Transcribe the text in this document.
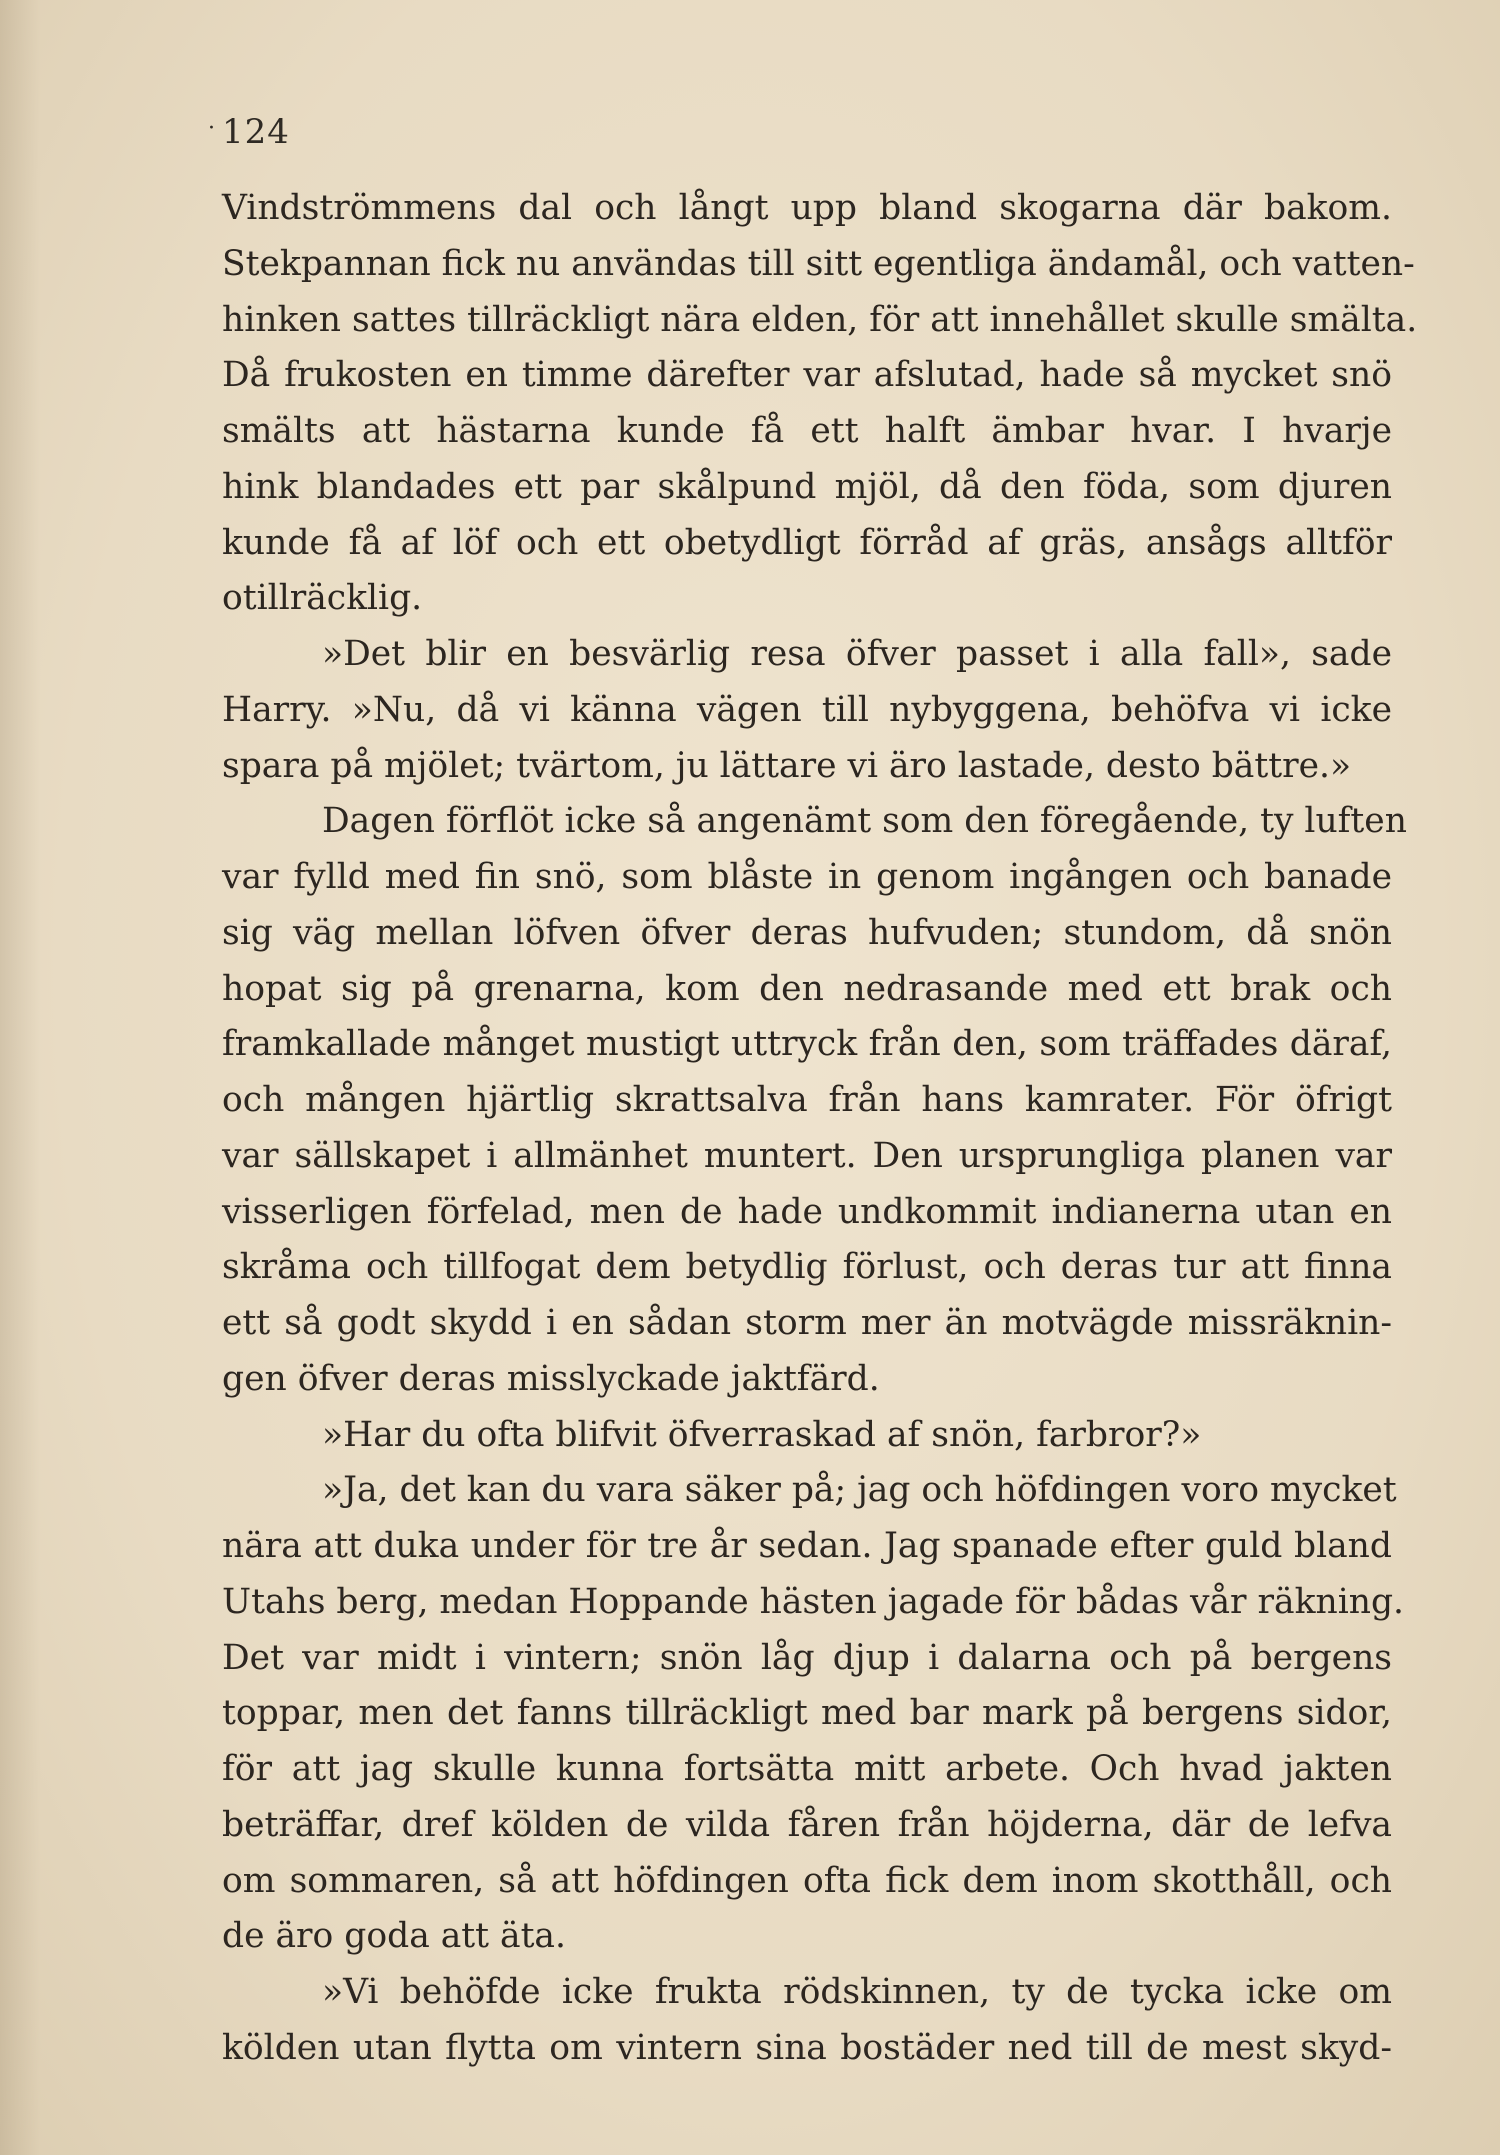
· 124
Vindströmmens dal och långt upp bland skogarna där bakom.
Stekpannan fick nu användas till sitt egentliga ändamål, och vatten-
hinken sattes tillräckligt nära elden, för att innehållet skulle smälta.
Då frukosten en timme därefter var afslutad, hade så mycket snö
smälts att hästarna kunde få ett halft ämbar hvar. I hvarje
hink blandades ett par skålpund mjöl, då den föda, som djuren
kunde få af löf och ett obetydligt förråd af gräs, ansågs alltför
otillräcklig.
»Det blir en besvärlig resa öfver passet i alla fall», sade
Harry. »Nu, då vi känna vägen till nybyggena, behöfva vi icke
spara på mjölet; tvärtom, ju lättare vi äro lastade, desto bättre.»
Dagen förflöt icke så angenämt som den föregående, ty luften
var fylld med fin snö, som blåste in genom ingången och banade
sig väg mellan löfven öfver deras hufvuden; stundom, då snön
hopat sig på grenarna, kom den nedrasande med ett brak och
framkallade månget mustigt uttryck från den, som träffades däraf,
och mången hjärtlig skrattsalva från hans kamrater. För öfrigt
var sällskapet i allmänhet muntert. Den ursprungliga planen var
visserligen förfelad, men de hade undkommit indianerna utan en
skråma och tillfogat dem betydlig förlust, och deras tur att finna
ett så godt skydd i en sådan storm mer än motvägde missräknin-
gen öfver deras misslyckade jaktfärd.
»Har du ofta blifvit öfverraskad af snön, farbror?»
»Ja, det kan du vara säker på; jag och höfdingen voro mycket
nära att duka under för tre år sedan. Jag spanade efter guld bland
Utahs berg, medan Hoppande hästen jagade för bådas vår räkning.
Det var midt i vintern; snön låg djup i dalarna och på bergens
toppar, men det fanns tillräckligt med bar mark på bergens sidor,
för att jag skulle kunna fortsätta mitt arbete. Och hvad jakten
beträffar, dref kölden de vilda fåren från höjderna, där de lefva
om sommaren, så att höfdingen ofta fick dem inom skotthåll, och
de äro goda att äta.
»Vi behöfde icke frukta rödskinnen, ty de tycka icke om
kölden utan flytta om vintern sina bostäder ned till de mest skyd-
